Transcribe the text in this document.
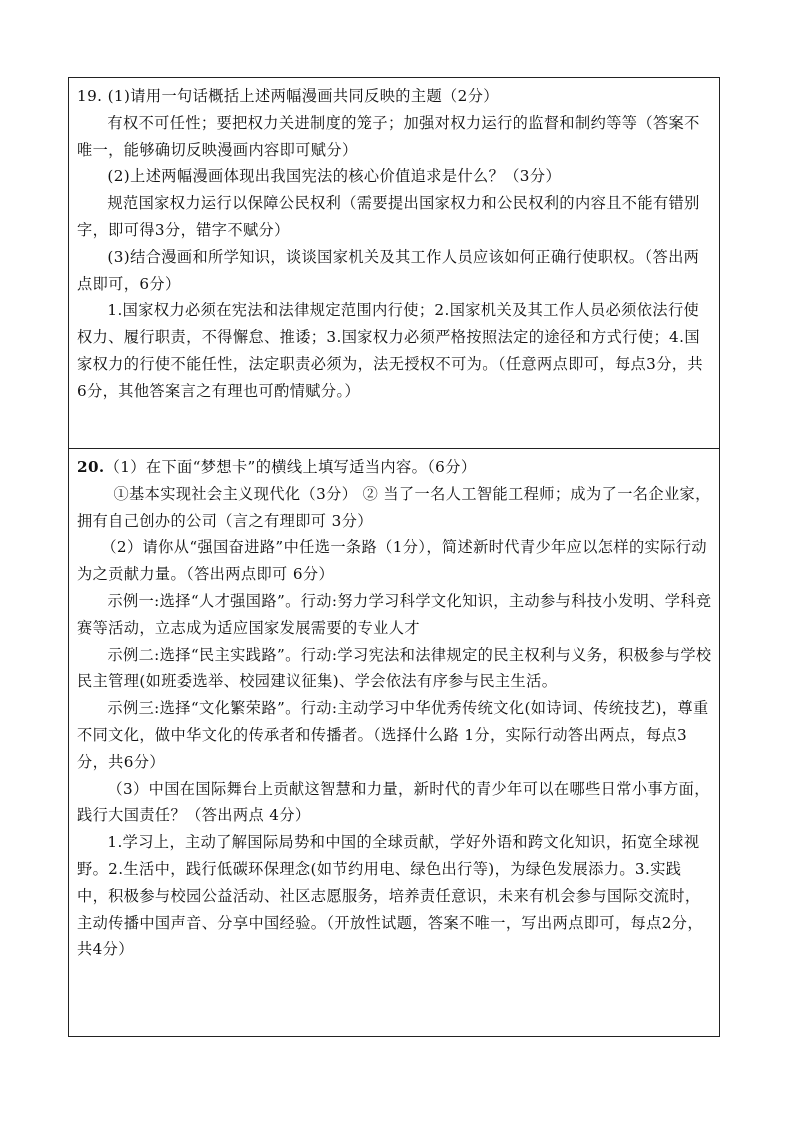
19. (1)请用一句话概括上述两幅漫画共同反映的主题（2分）

有权不可任性；要把权力关进制度的笼子；加强对权力运行的监督和制约等等（答案不唯一，能够确切反映漫画内容即可赋分）

(2)上述两幅漫画体现出我国宪法的核心价值追求是什么？（3分）

规范国家权力运行以保障公民权利（需要提出国家权力和公民权利的内容且不能有错别字，即可得3分，错字不赋分）

(3)结合漫画和所学知识，谈谈国家机关及其工作人员应该如何正确行使职权。（答出两点即可，6分）

1.国家权力必须在宪法和法律规定范围内行使；2.国家机关及其工作人员必须依法行使权力、履行职责，不得懈怠、推诿；3.国家权力必须严格按照法定的途径和方式行使；4.国家权力的行使不能任性，法定职责必须为，法无授权不可为。（任意两点即可，每点3分，共6分，其他答案言之有理也可酌情赋分。）

20.（1）在下面“梦想卡”的横线上填写适当内容。（6分）

①基本实现社会主义现代化（3分） ② 当了一名人工智能工程师；成为了一名企业家，拥有自己创办的公司（言之有理即可 3分）

（2）请你从“强国奋进路”中任选一条路（1分），简述新时代青少年应以怎样的实际行动为之贡献力量。（答出两点即可 6分）

示例一:选择“人才强国路”。行动:努力学习科学文化知识，主动参与科技小发明、学科竞赛等活动，立志成为适应国家发展需要的专业人才

示例二:选择“民主实践路”。行动:学习宪法和法律规定的民主权利与义务，积极参与学校民主管理(如班委选举、校园建议征集)、学会依法有序参与民主生活。

示例三:选择“文化繁荣路”。行动:主动学习中华优秀传统文化(如诗词、传统技艺)，尊重不同文化，做中华文化的传承者和传播者。（选择什么路 1分，实际行动答出两点，每点3分，共6分）

（3）中国在国际舞台上贡献这智慧和力量，新时代的青少年可以在哪些日常小事方面，践行大国责任？（答出两点 4分）

1.学习上，主动了解国际局势和中国的全球贡献，学好外语和跨文化知识，拓宽全球视野。2.生活中，践行低碳环保理念(如节约用电、绿色出行等)，为绿色发展添力。3.实践中，积极参与校园公益活动、社区志愿服务，培养责任意识，未来有机会参与国际交流时，主动传播中国声音、分享中国经验。（开放性试题，答案不唯一，写出两点即可，每点2分，共4分）
